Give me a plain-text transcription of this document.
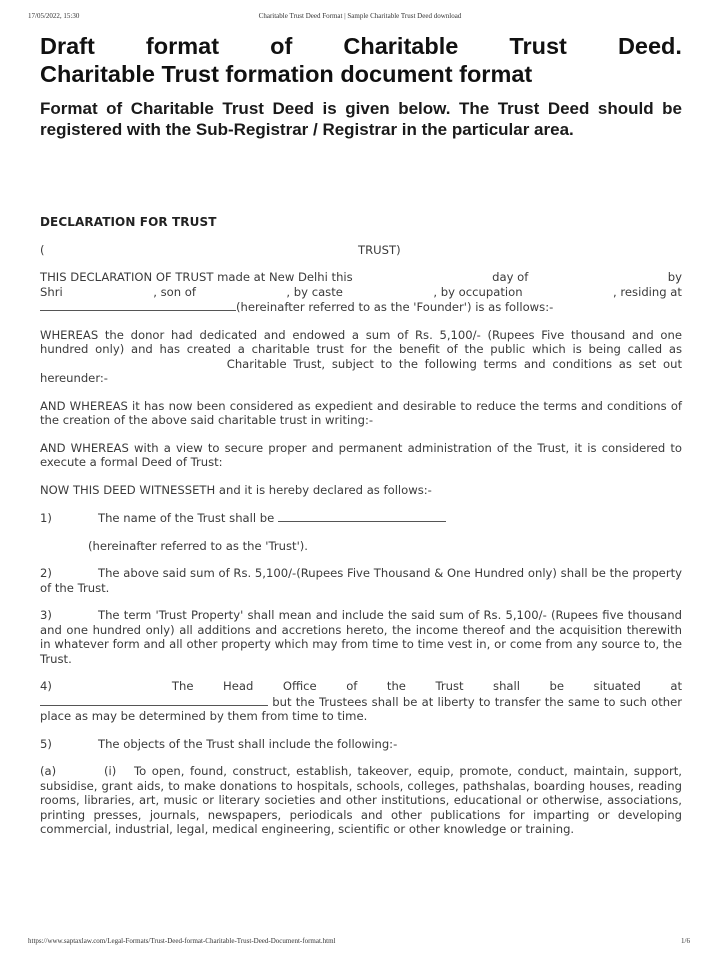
17/05/2022, 15:30	Charitable Trust Deed Format | Sample Charitable Trust Deed download
Draft format of Charitable Trust Deed.
Charitable Trust formation document format

Format of Charitable Trust Deed is given below. The Trust Deed should be registered with the Sub-Registrar / Registrar in the particular area.

DECLARATION FOR TRUST
(	TRUST)
THIS DECLARATION OF TRUST made at New Delhi this	day of	by
Shri	, son of	, by caste	, by occupation	, residing at
(hereinafter referred to as the 'Founder') is as follows:-

WHEREAS the donor had dedicated and endowed a sum of Rs. 5,100/- (Rupees Five thousand and one hundred only) and has created a charitable trust for the benefit of the public which is being called as  Charitable Trust, subject to the following terms and conditions as set out hereunder:-

AND WHEREAS it has now been considered as expedient and desirable to reduce the terms and conditions of the creation of the above said charitable trust in writing:-

AND WHEREAS with a view to secure proper and permanent administration of the Trust, it is considered to execute a formal Deed of Trust:

NOW THIS DEED WITNESSETH and it is hereby declared as follows:-

1)	The name of the Trust shall be

(hereinafter referred to as the 'Trust').

2)	The above said sum of Rs. 5,100/-(Rupees Five Thousand & One Hundred only) shall be the property of the Trust.

3)	The term 'Trust Property' shall mean and include the said sum of Rs. 5,100/- (Rupees five thousand and one hundred only) all additions and accretions hereto, the income thereof and the acquisition therewith in whatever form and all other property which may from time to time vest in, or come from any source to, the Trust.

4)	The Head Office of the Trust shall be situated at

but the Trustees shall be at liberty to transfer the same to such other place as may be determined by them from time to time.

5)	The objects of the Trust shall include the following:-

(a)	(i) To open, found, construct, establish, takeover, equip, promote, conduct, maintain, support, subsidise, grant aids, to make donations to hospitals, schools, colleges, pathshalas, boarding houses, reading rooms, libraries, art, music or literary societies and other institutions, educational or otherwise, associations, printing presses, journals, newspapers, periodicals and other publications for imparting or developing commercial, industrial, legal, medical engineering, scientific or other knowledge or training.

https://www.saptaxlaw.com/Legal-Formats/Trust-Deed-format-Charitable-Trust-Deed-Document-format.html	1/6
